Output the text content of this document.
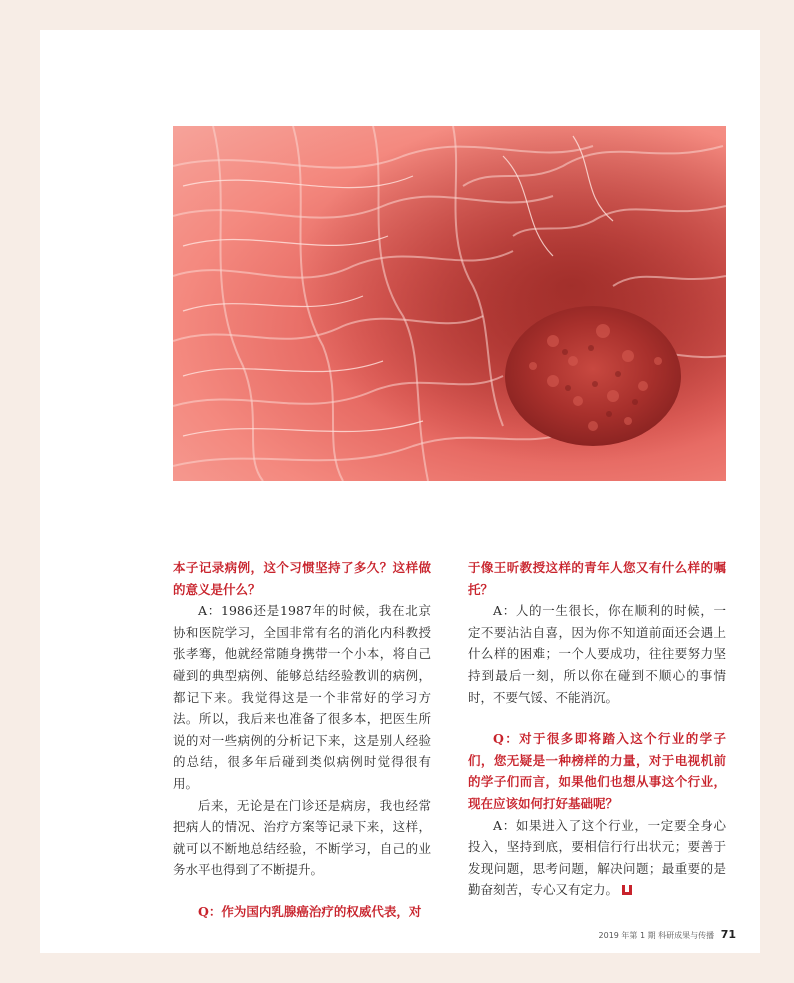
本子记录病例，这个习惯坚持了多久？这样做的意义是什么？

A：1986还是1987年的时候，我在北京协和医院学习，全国非常有名的消化内科教授张孝骞，他就经常随身携带一个小本，将自己碰到的典型病例、能够总结经验教训的病例，都记下来。我觉得这是一个非常好的学习方法。所以，我后来也准备了很多本，把医生所说的对一些病例的分析记下来，这是别人经验的总结，很多年后碰到类似病例时觉得很有用。

后来，无论是在门诊还是病房，我也经常把病人的情况、治疗方案等记录下来，这样，就可以不断地总结经验，不断学习，自己的业务水平也得到了不断提升。

Q：作为国内乳腺癌治疗的权威代表，对
于像王昕教授这样的青年人您又有什么样的嘱托？

A：人的一生很长，你在顺利的时候，一定不要沾沾自喜，因为你不知道前面还会遇上什么样的困难；一个人要成功，往往要努力坚持到最后一刻，所以你在碰到不顺心的事情时，不要气馁、不能消沉。

Q：对于很多即将踏入这个行业的学子们，您无疑是一种榜样的力量，对于电视机前的学子们而言，如果他们也想从事这个行业，现在应该如何打好基础呢？

A：如果进入了这个行业，一定要全身心投入，坚持到底，要相信行行出状元；要善于发现问题，思考问题，解决问题；最重要的是勤奋刻苦，专心又有定力。

2019 年第 1 期 科研成果与传播 71
